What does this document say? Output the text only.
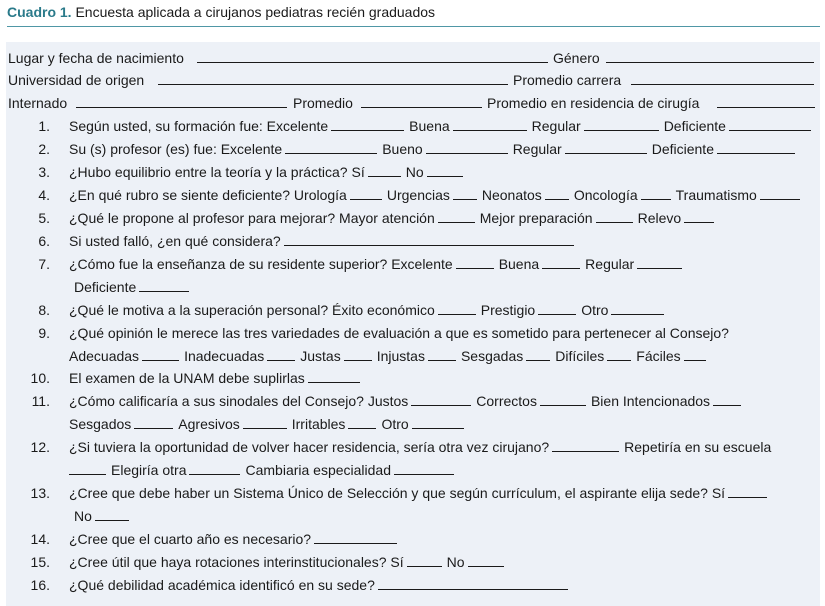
Cuadro 1. Encuesta aplicada a cirujanos pediatras recién graduados
Lugar y fecha de nacimiento	Género
Universidad de origen	Promedio carrera
Internado	Promedio	Promedio en residencia de cirugía
1. Según usted, su formación fue: Excelente	Buena	Regular	Deficiente
2. Su (s) profesor (es) fue: Excelente	Bueno	Regular	Deficiente
3. ¿Hubo equilibrio entre la teoría y la práctica? Sí	No
4. ¿En qué rubro se siente deficiente? Urología	Urgencias Neonatos Oncología	Traumatismo
5. ¿Qué le propone al profesor para mejorar? Mayor atención	Mejor preparación	Relevo
6. Si usted falló, ¿en qué considera?
7. ¿Cómo fue la enseñanza de su residente superior? Excelente	Buena	Regular
Deficiente
8. ¿Qué le motiva a la superación personal? Éxito económico	Prestigio	Otro
9. ¿Qué opinión le merece las tres variedades de evaluación a que es sometido para pertenecer al Consejo?
Adecuadas	Inadecuadas	Justas	Injustas	Sesgadas Difíciles Fáciles
10. El examen de la UNAM debe suplirlas
11. ¿Cómo calificaría a sus sinodales del Consejo? Justos	Correctos	Bien Intencionados
Sesgados	Agresivos	Irritables	Otro
12. ¿Si tuviera la oportunidad de volver hacer residencia, sería otra vez cirujano?	Repetiría en su escuela
Elegiría otra	Cambiaria especialidad
13. ¿Cree que debe haber un Sistema Único de Selección y que según currículum, el aspirante elija sede? Sí
No
14. ¿Cree que el cuarto año es necesario?
15. ¿Cree útil que haya rotaciones interinstitucionales? Sí	No
16. ¿Qué debilidad académica identificó en su sede?
